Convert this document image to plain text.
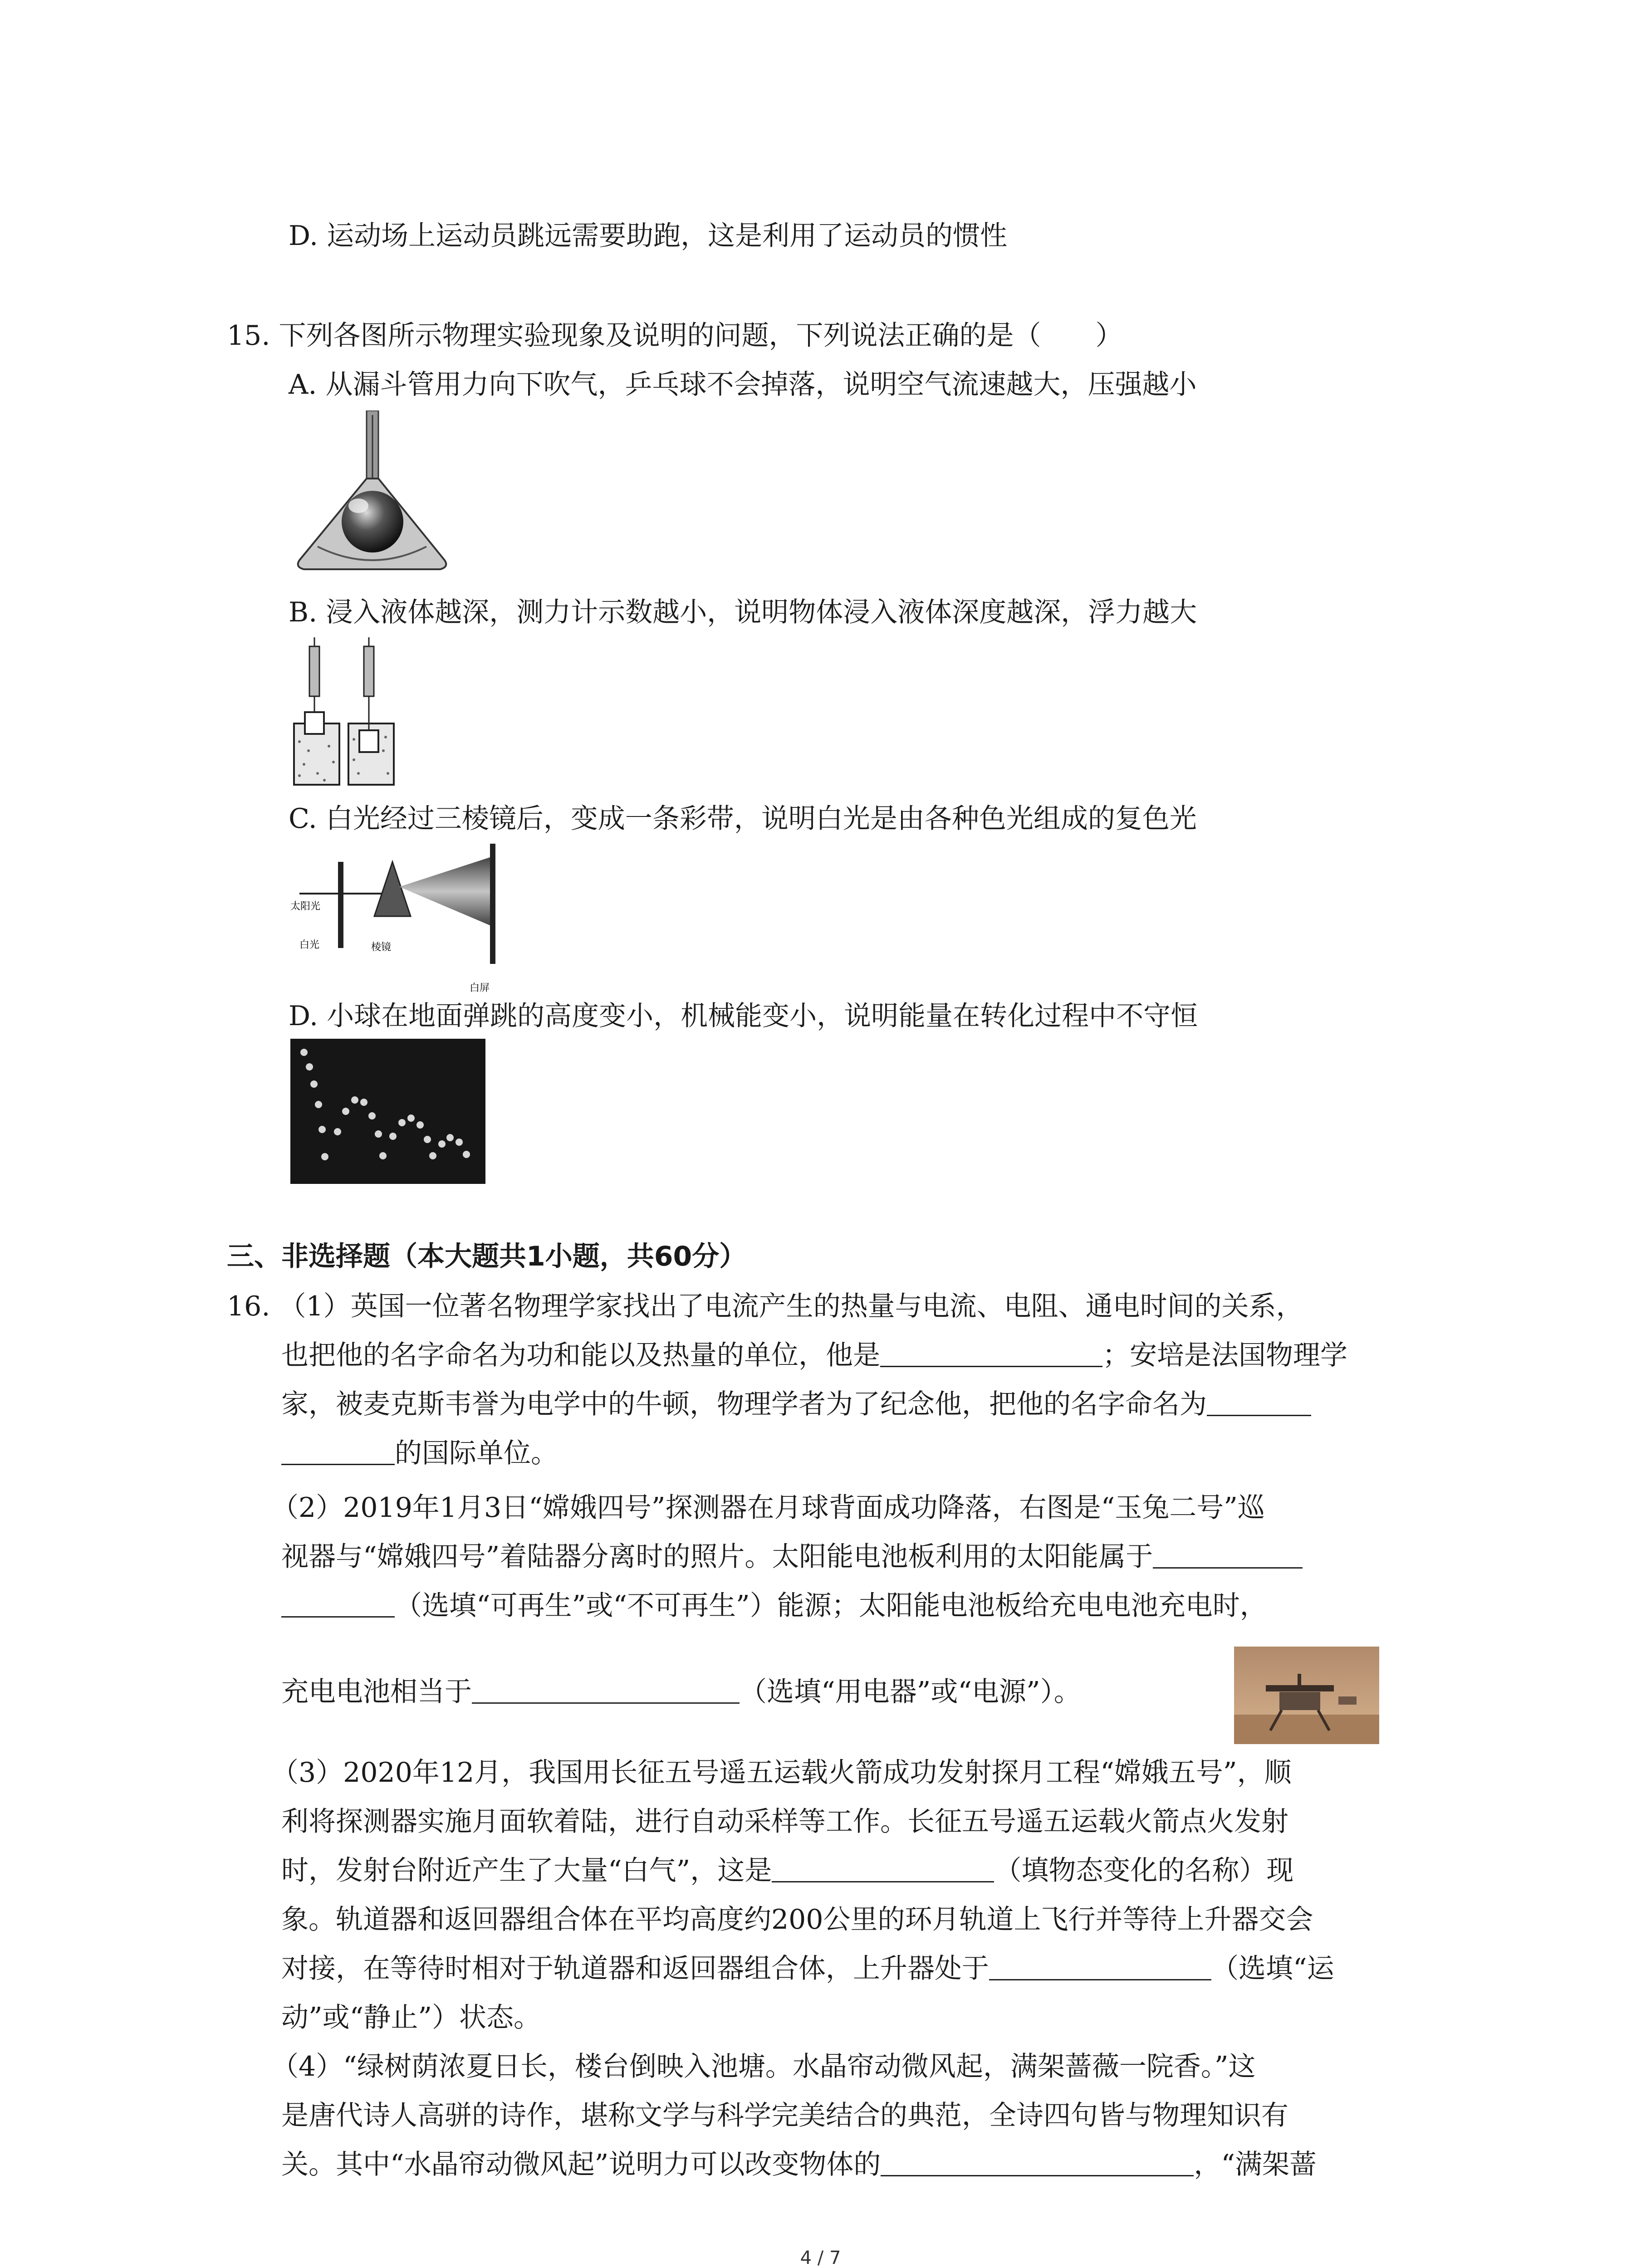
D. 运动场上运动员跳远需要助跑，这是利用了运动员的惯性
15. 下列各图所示物理实验现象及说明的问题，下列说法正确的是（　　）
A. 从漏斗管用力向下吹气，乒乓球不会掉落，说明空气流速越大，压强越小
B. 浸入液体越深，测力计示数越小，说明物体浸入液体深度越深，浮力越大
C. 白光经过三棱镜后，变成一条彩带，说明白光是由各种色光组成的复色光
太阳光
白光	棱镜
白屏
D. 小球在地面弹跳的高度变小，机械能变小，说明能量在转化过程中不守恒
三、非选择题（本大题共1小题，共60分）
16. （1）英国一位著名物理学家找出了电流产生的热量与电流、电阻、通电时间的关系，
也把他的名字命名为功和能以及热量的单位，他是	；安培是法国物理学
家，被麦克斯韦誉为电学中的牛顿，物理学者为了纪念他，把他的名字命名为
的国际单位。
（2）2019年1月3日“嫦娥四号”探测器在月球背面成功降落，右图是“玉兔二号”巡
视器与“嫦娥四号”着陆器分离时的照片。太阳能电池板利用的太阳能属于
（选填“可再生”或“不可再生”）能源；太阳能电池板给充电电池充电时，
充电电池相当于	（选填“用电器”或“电源”）。
（3）2020年12月，我国用长征五号遥五运载火箭成功发射探月工程“嫦娥五号”，顺
利将探测器实施月面软着陆，进行自动采样等工作。长征五号遥五运载火箭点火发射
时，发射台附近产生了大量“白气”，这是	（填物态变化的名称）现
象。轨道器和返回器组合体在平均高度约200公里的环月轨道上飞行并等待上升器交会
对接，在等待时相对于轨道器和返回器组合体，上升器处于	（选填“运
动”或“静止”）状态。
（4）“绿树荫浓夏日长，楼台倒映入池塘。水晶帘动微风起，满架蔷薇一院香。”这
是唐代诗人高骈的诗作，堪称文学与科学完美结合的典范，全诗四句皆与物理知识有
关。其中“水晶帘动微风起”说明力可以改变物体的	，“满架蔷
4 / 7
